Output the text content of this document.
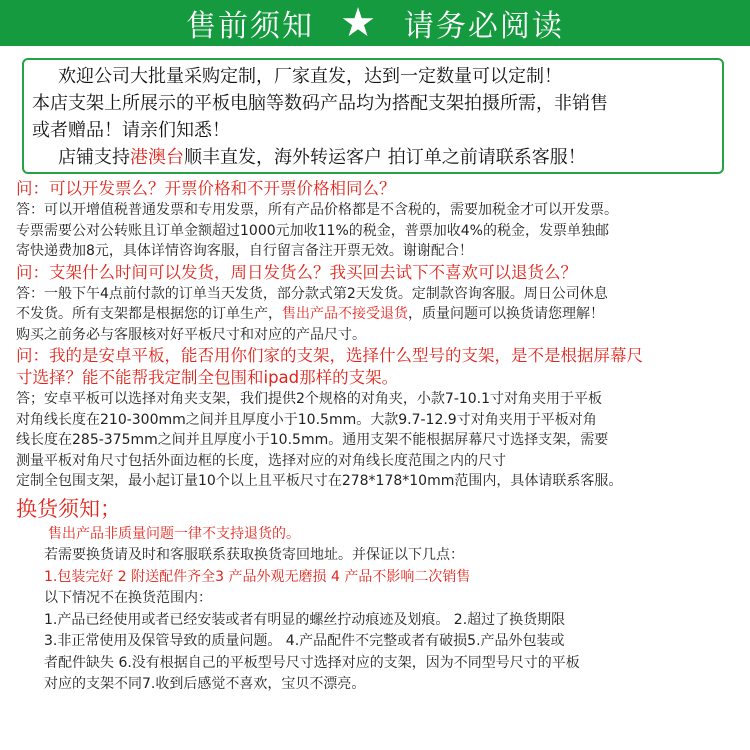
售前须知 ★ 请务必阅读
欢迎公司大批量采购定制，厂家直发，达到一定数量可以定制！
本店支架上所展示的平板电脑等数码产品均为搭配支架拍摄所需，非销售
或者赠品！请亲们知悉！
店铺支持港澳台顺丰直发，海外转运客户 拍订单之前请联系客服！
问：可以开发票么？开票价格和不开票价格相同么？
答：可以开增值税普通发票和专用发票，所有产品价格都是不含税的，需要加税金才可以开发票。
专票需要公对公转账且订单金额超过1000元加收11%的税金，普票加收4%的税金，发票单独邮
寄快递费加8元，具体详情咨询客服，自行留言备注开票无效。谢谢配合！
问：支架什么时间可以发货，周日发货么？我买回去试下不喜欢可以退货么？
答：一般下午4点前付款的订单当天发货，部分款式第2天发货。定制款咨询客服。周日公司休息
不发货。所有支架都是根据您的订单生产，售出产品不接受退货，质量问题可以换货请您理解！
购买之前务必与客服核对好平板尺寸和对应的产品尺寸。
问：我的是安卓平板，能否用你们家的支架，选择什么型号的支架，是不是根据屏幕尺
寸选择？能不能帮我定制全包围和ipad那样的支架。
答；安卓平板可以选择对角夹支架，我们提供2个规格的对角夹，小款7-10.1寸对角夹用于平板
对角线长度在210-300mm之间并且厚度小于10.5mm。大款9.7-12.9寸对角夹用于平板对角
线长度在285-375mm之间并且厚度小于10.5mm。通用支架不能根据屏幕尺寸选择支架，需要
测量平板对角尺寸包括外面边框的长度，选择对应的对角线长度范围之内的尺寸
定制全包围支架，最小起订量10个以上且平板尺寸在278*178*10mm范围内，具体请联系客服。
换货须知；
售出产品非质量问题一律不支持退货的。
若需要换货请及时和客服联系获取换货寄回地址。并保证以下几点：
1.包装完好 2 附送配件齐全3 产品外观无磨损 4 产品不影响二次销售
以下情况不在换货范围内：
1.产品已经使用或者已经安装或者有明显的螺丝拧动痕迹及划痕。 2.超过了换货期限
3.非正常使用及保管导致的质量问题。 4.产品配件不完整或者有破损5.产品外包装或
者配件缺失 6.没有根据自己的平板型号尺寸选择对应的支架，因为不同型号尺寸的平板
对应的支架不同7.收到后感觉不喜欢，宝贝不漂亮。
